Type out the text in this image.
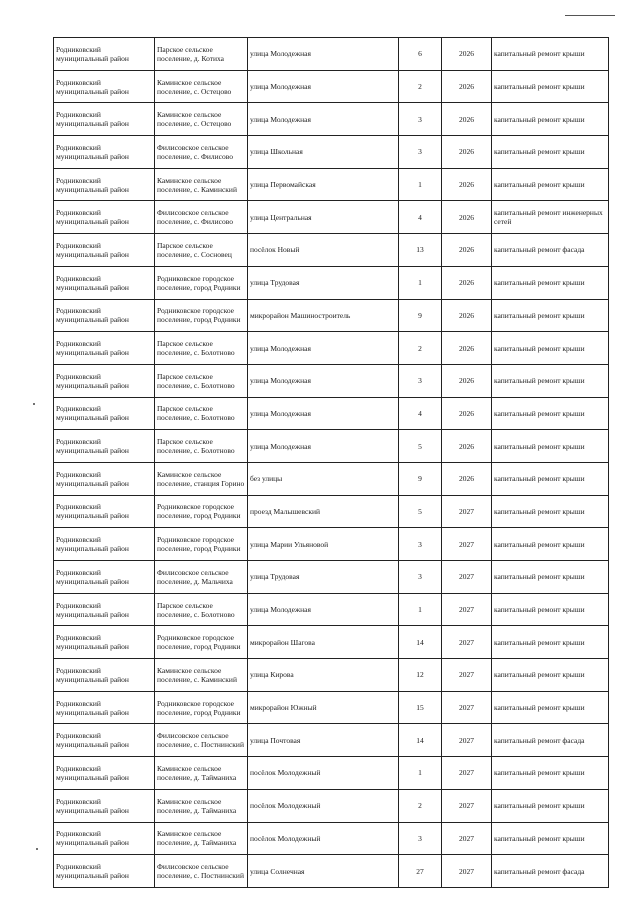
Родниковский муниципальный район	Парское сельское поселение, д. Котиха	улица Молодежная	6	2026	капитальный ремонт крыши
Родниковский муниципальный район	Каминское сельское поселение, с. Остецово	улица Молодежная	2	2026	капитальный ремонт крыши
Родниковский муниципальный район	Каминское сельское поселение, с. Остецово	улица Молодежная	3	2026	капитальный ремонт крыши
Родниковский муниципальный район	Филисовское сельское поселение, с. Филисово	улица Школьная	3	2026	капитальный ремонт крыши
Родниковский муниципальный район	Каминское сельское поселение, с. Каминский	улица Первомайская	1	2026	капитальный ремонт крыши
Родниковский муниципальный район	Филисовское сельское поселение, с. Филисово	улица Центральная	4	2026	капитальный ремонт инженерных сетей
Родниковский муниципальный район	Парское сельское поселение, с. Сосновец	посёлок Новый	13	2026	капитальный ремонт фасада
Родниковский муниципальный район	Родниковское городское поселение, город Родники	улица Трудовая	1	2026	капитальный ремонт крыши
Родниковский муниципальный район	Родниковское городское поселение, город Родники	микрорайон Машиностроитель	9	2026	капитальный ремонт крыши
Родниковский муниципальный район	Парское сельское поселение, с. Болотново	улица Молодежная	2	2026	капитальный ремонт крыши
Родниковский муниципальный район	Парское сельское поселение, с. Болотново	улица Молодежная	3	2026	капитальный ремонт крыши
Родниковский муниципальный район	Парское сельское поселение, с. Болотново	улица Молодежная	4	2026	капитальный ремонт крыши
Родниковский муниципальный район	Парское сельское поселение, с. Болотново	улица Молодежная	5	2026	капитальный ремонт крыши
Родниковский муниципальный район	Каминское сельское поселение, станция Горино	без улицы	9	2026	капитальный ремонт крыши
Родниковский муниципальный район	Родниковское городское поселение, город Родники	проезд Малышевский	5	2027	капитальный ремонт крыши
Родниковский муниципальный район	Родниковское городское поселение, город Родники	улица Марии Ульяновой	3	2027	капитальный ремонт крыши
Родниковский муниципальный район	Филисовское сельское поселение, д. Мальчиха	улица Трудовая	3	2027	капитальный ремонт крыши
Родниковский муниципальный район	Парское сельское поселение, с. Болотново	улица Молодежная	1	2027	капитальный ремонт крыши
Родниковский муниципальный район	Родниковское городское поселение, город Родники	микрорайон Шагова	14	2027	капитальный ремонт крыши
Родниковский муниципальный район	Каминское сельское поселение, с. Каминский	улица Кирова	12	2027	капитальный ремонт крыши
Родниковский муниципальный район	Родниковское городское поселение, город Родники	микрорайон Южный	15	2027	капитальный ремонт крыши
Родниковский муниципальный район	Филисовское сельское поселение, с. Постнинский	улица Почтовая	14	2027	капитальный ремонт фасада
Родниковский муниципальный район	Каминское сельское поселение, д. Тайманиха	посёлок Молодежный	1	2027	капитальный ремонт крыши
Родниковский муниципальный район	Каминское сельское поселение, д. Тайманиха	посёлок Молодежный	2	2027	капитальный ремонт крыши
Родниковский муниципальный район	Каминское сельское поселение, д. Тайманиха	посёлок Молодежный	3	2027	капитальный ремонт крыши
Родниковский муниципальный район	Филисовское сельское поселение, с. Постнинский	улица Солнечная	27	2027	капитальный ремонт фасада
